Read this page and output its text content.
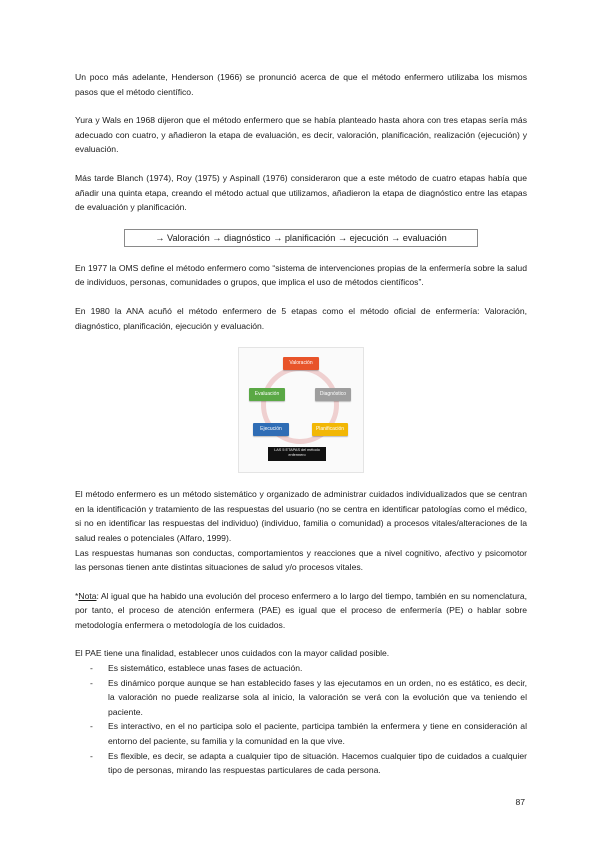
Un poco más adelante, Henderson (1966) se pronunció acerca de que el método enfermero utilizaba los mismos pasos que el método científico.

Yura y Wals en 1968 dijeron que el método enfermero que se había planteado hasta ahora con tres etapas sería más adecuado con cuatro, y añadieron la etapa de evaluación, es decir, valoración, planificación, realización (ejecución) y evaluación.

Más tarde Blanch (1974), Roy (1975) y Aspinall (1976) consideraron que a este método de cuatro etapas había que añadir una quinta etapa, creando el método actual que utilizamos, añadieron la etapa de diagnóstico entre las etapas de evaluación y planificación.

→ Valoración → diagnóstico → planificación → ejecución → evaluación

En 1977 la OMS define el método enfermero como “sistema de intervenciones propias de la enfermería sobre la salud de individuos, personas, comunidades o grupos, que implica el uso de métodos científicos”.

En 1980 la ANA acuñó el método enfermero de 5 etapas como el método oficial de enfermería: Valoración, diagnóstico, planificación, ejecución y evaluación.

Valoración
Diagnóstico
Planificación
Ejecución
Evaluación
LAS 5 ETAPAS del método enfermero

El método enfermero es un método sistemático y organizado de administrar cuidados individualizados que se centran en la identificación y tratamiento de las respuestas del usuario (no se centra en identificar patologías como el médico, si no en identificar las respuestas del individuo) (individuo, familia o comunidad) a procesos vitales/alteraciones de la salud reales o potenciales (Alfaro, 1999).

Las respuestas humanas son conductas, comportamientos y reacciones que a nivel cognitivo, afectivo y psicomotor las personas tienen ante distintas situaciones de salud y/o procesos vitales.

*Nota: Al igual que ha habido una evolución del proceso enfermero a lo largo del tiempo, también en su nomenclatura, por tanto, el proceso de atención enfermera (PAE) es igual que el proceso de enfermería (PE) o hablar sobre metodología enfermera o metodología de los cuidados.

El PAE tiene una finalidad, establecer unos cuidados con la mayor calidad posible.

- Es sistemático, establece unas fases de actuación.
- Es dinámico porque aunque se han establecido fases y las ejecutamos en un orden, no es estático, es decir, la valoración no puede realizarse sola al inicio, la valoración se verá con la evolución que va teniendo el paciente.
- Es interactivo, en el no participa solo el paciente, participa también la enfermera y tiene en consideración al entorno del paciente, su familia y la comunidad en la que vive.
- Es flexible, es decir, se adapta a cualquier tipo de situación. Hacemos cualquier tipo de cuidados a cualquier tipo de personas, mirando las respuestas particulares de cada persona.
87
